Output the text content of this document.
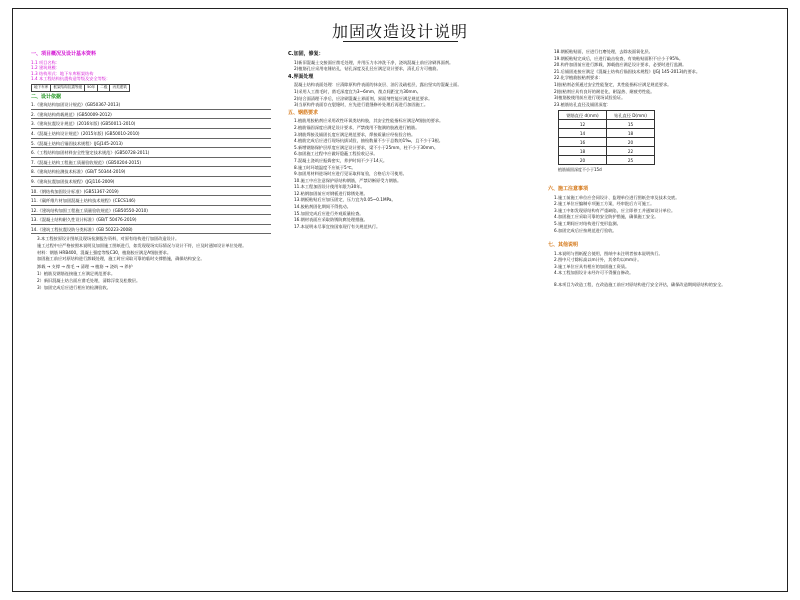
加固改造设计说明
一、项目概况及设计基本资料
1.1 项目名称：
1.2 建筑规模：
1.3 结构形式：地下车库框架结构
1.4 本工程结构抗震构造等级及安全等级：
地下车库	框架结构抗震等级	50年	二级	丙类建筑
二、设计依据
1.《建筑结构加固设计规范》(GB50367-2013)
2.《建筑结构荷载规范》(GB50009-2012)
3.《建筑抗震设计规范》(2016年版) (GB50011-2010)
4.《混凝土结构设计规范》(2015年版) (GB50010-2010)
5.《混凝土结构后锚固技术规程》(JGJ145-2013)
6.《工程结构加固材料安全性鉴定技术规范》(GB50728-2011)
7.《混凝土结构工程施工质量验收规范》(GB50204-2015)
8.《建筑结构检测技术标准》(GB/T 50344-2019)
9.《建筑抗震加固技术规程》(JGJ116-2009)
10.《钢结构加固设计标准》(GB51367-2019)
11.《碳纤维片材加固混凝土结构技术规程》(CECS146)
12.《建筑结构加固工程施工质量验收规范》(GB50550-2010)
13.《混凝土结构耐久性设计标准》(GB/T 50476-2019)
14.《建筑工程抗震设防分类标准》(GB 50223-2008)
3.本工程按原设计图纸及现场检测报告资料，对原有结构进行加固改造设计。
施工过程中应严格按照本说明及加固施工图纸进行，如发现现场实际情况与设计不符，应及时通知设计单位处理。
材料：钢筋 HRB400，混凝土强度等级C30，植筋胶应满足A级胶要求。
加固施工前应对原结构进行卸载处理，施工时应采取可靠的临时支撑措施，确保结构安全。
卸载 → 支撑 → 凿毛 → 清理 → 植筋 → 浇筑 → 养护
1）植筋及钢筋连接施工应满足规范要求。
2）新旧混凝土结合面应凿毛处理，清除浮浆及松散层。
3）加固完成后应进行相应的检测验收。
C.加固，修复：
1)新旧混凝土交接面应凿毛处理，并用压力水冲洗干净，浇筑混凝土前应涂刷界面剂。
2)植筋孔应采用电锤钻孔，钻孔深度及孔径应满足设计要求，清孔后方可植筋。
4.界面处理
混凝土结构表面处理：应清除原构件表面的抹灰层、油污及疏松层，露出坚实的混凝土面。
1)采用人工凿毛时，凿毛深度宜为3~6mm，凿点间距宜为30mm。
2)结合面清理干净后，应涂刷混凝土界面剂，界面剂性能应满足规范要求。
3)当原构件表面存在裂缝时，应先进行裂缝修补处理后再进行加固施工。
五、钢筋要求
1.植筋用胶粘剂应采用改性环氧类结构胶，其安全性能指标应满足A级胶的要求。
2.植筋锚固深度应满足设计要求，严禁使用不饱满的胶液进行植筋。
3.钢筋焊接及锚固长度应满足规范要求，焊接质量应经检验合格。
4.植筋完成后应进行现场抗拔试验，抽检数量不少于总数的1‰，且不少于3根。
5.新增钢筋保护层厚度应满足设计要求，梁不小于25mm，柱不小于30mm。
6.加固施工过程中应做好隐蔽工程验收记录。
7.混凝土浇筑应振捣密实，养护时间不少于14天。
8.施工时环境温度不应低于5℃。
9.加固用材料进场时应进行见证取样复验，合格后方可使用。
10.施工中应注意保护原结构钢筋，严禁切断原受力钢筋。
11.本工程加固设计使用年限为30年。
12.粘钢加固前应对钢板进行除锈处理。
13.钢板粘贴后应加压固定，压力宜为0.05~0.1MPa。
14.胶粘剂固化期间不得扰动。
15.加固完成后应进行外观质量检查。
16.钢材表面应采取防锈防腐处理措施。
17.本说明未尽事宜按国家现行有关规范执行。
18.钢板粘贴面，应进行打磨处理，去除表面氧化层。
19.钢板粘贴完成后，应进行敲击检查，有效粘贴面积不应小于95%。
20.构件加固前应进行卸载，卸载值应满足设计要求，必要时进行监测。
21.后锚固连接应满足《混凝土结构后锚固技术规程》(JGJ 145-2013)的要求。
22.化学植筋胶粘剂要求：
1)胶粘剂必须通过安全性能鉴定，其性能指标应满足规范要求。
2)胶粘剂应具有良好的耐老化、耐湿热、耐疲劳性能。
3)植筋胶使用前应进行现场试验验证。
23.植筋钻孔直径及锚固深度：
钢筋直径 d(mm)	钻孔直径 D(mm)
12	15
14	18
16	20
18	22
20	25
植筋锚固深度不小于15d
六、施工注意事项
1.施工前施工单位应会同设计、监理单位进行图纸会审及技术交底。
2.施工单位应编制专项施工方案，经审批后方可施工。
3.施工中如发现原结构有严重缺陷，应立即停工并通知设计单位。
4.加固施工应采取可靠的安全防护措施，确保施工安全。
5.施工期间应对结构进行变形监测。
6.加固完成后应按规范进行验收。
七、其他说明
1.本说明与图纸配合使用，图纸中未注明者按本说明执行。
2.图中尺寸除标高以m计外，其余均以mm计。
3.施工单位应具有相应的加固施工资质。
4.本工程加固设计未经许可不得擅自修改。
8.本项目为改造工程，在改造施工前应对原结构进行安全评估，确保改造期间原结构的安全。
